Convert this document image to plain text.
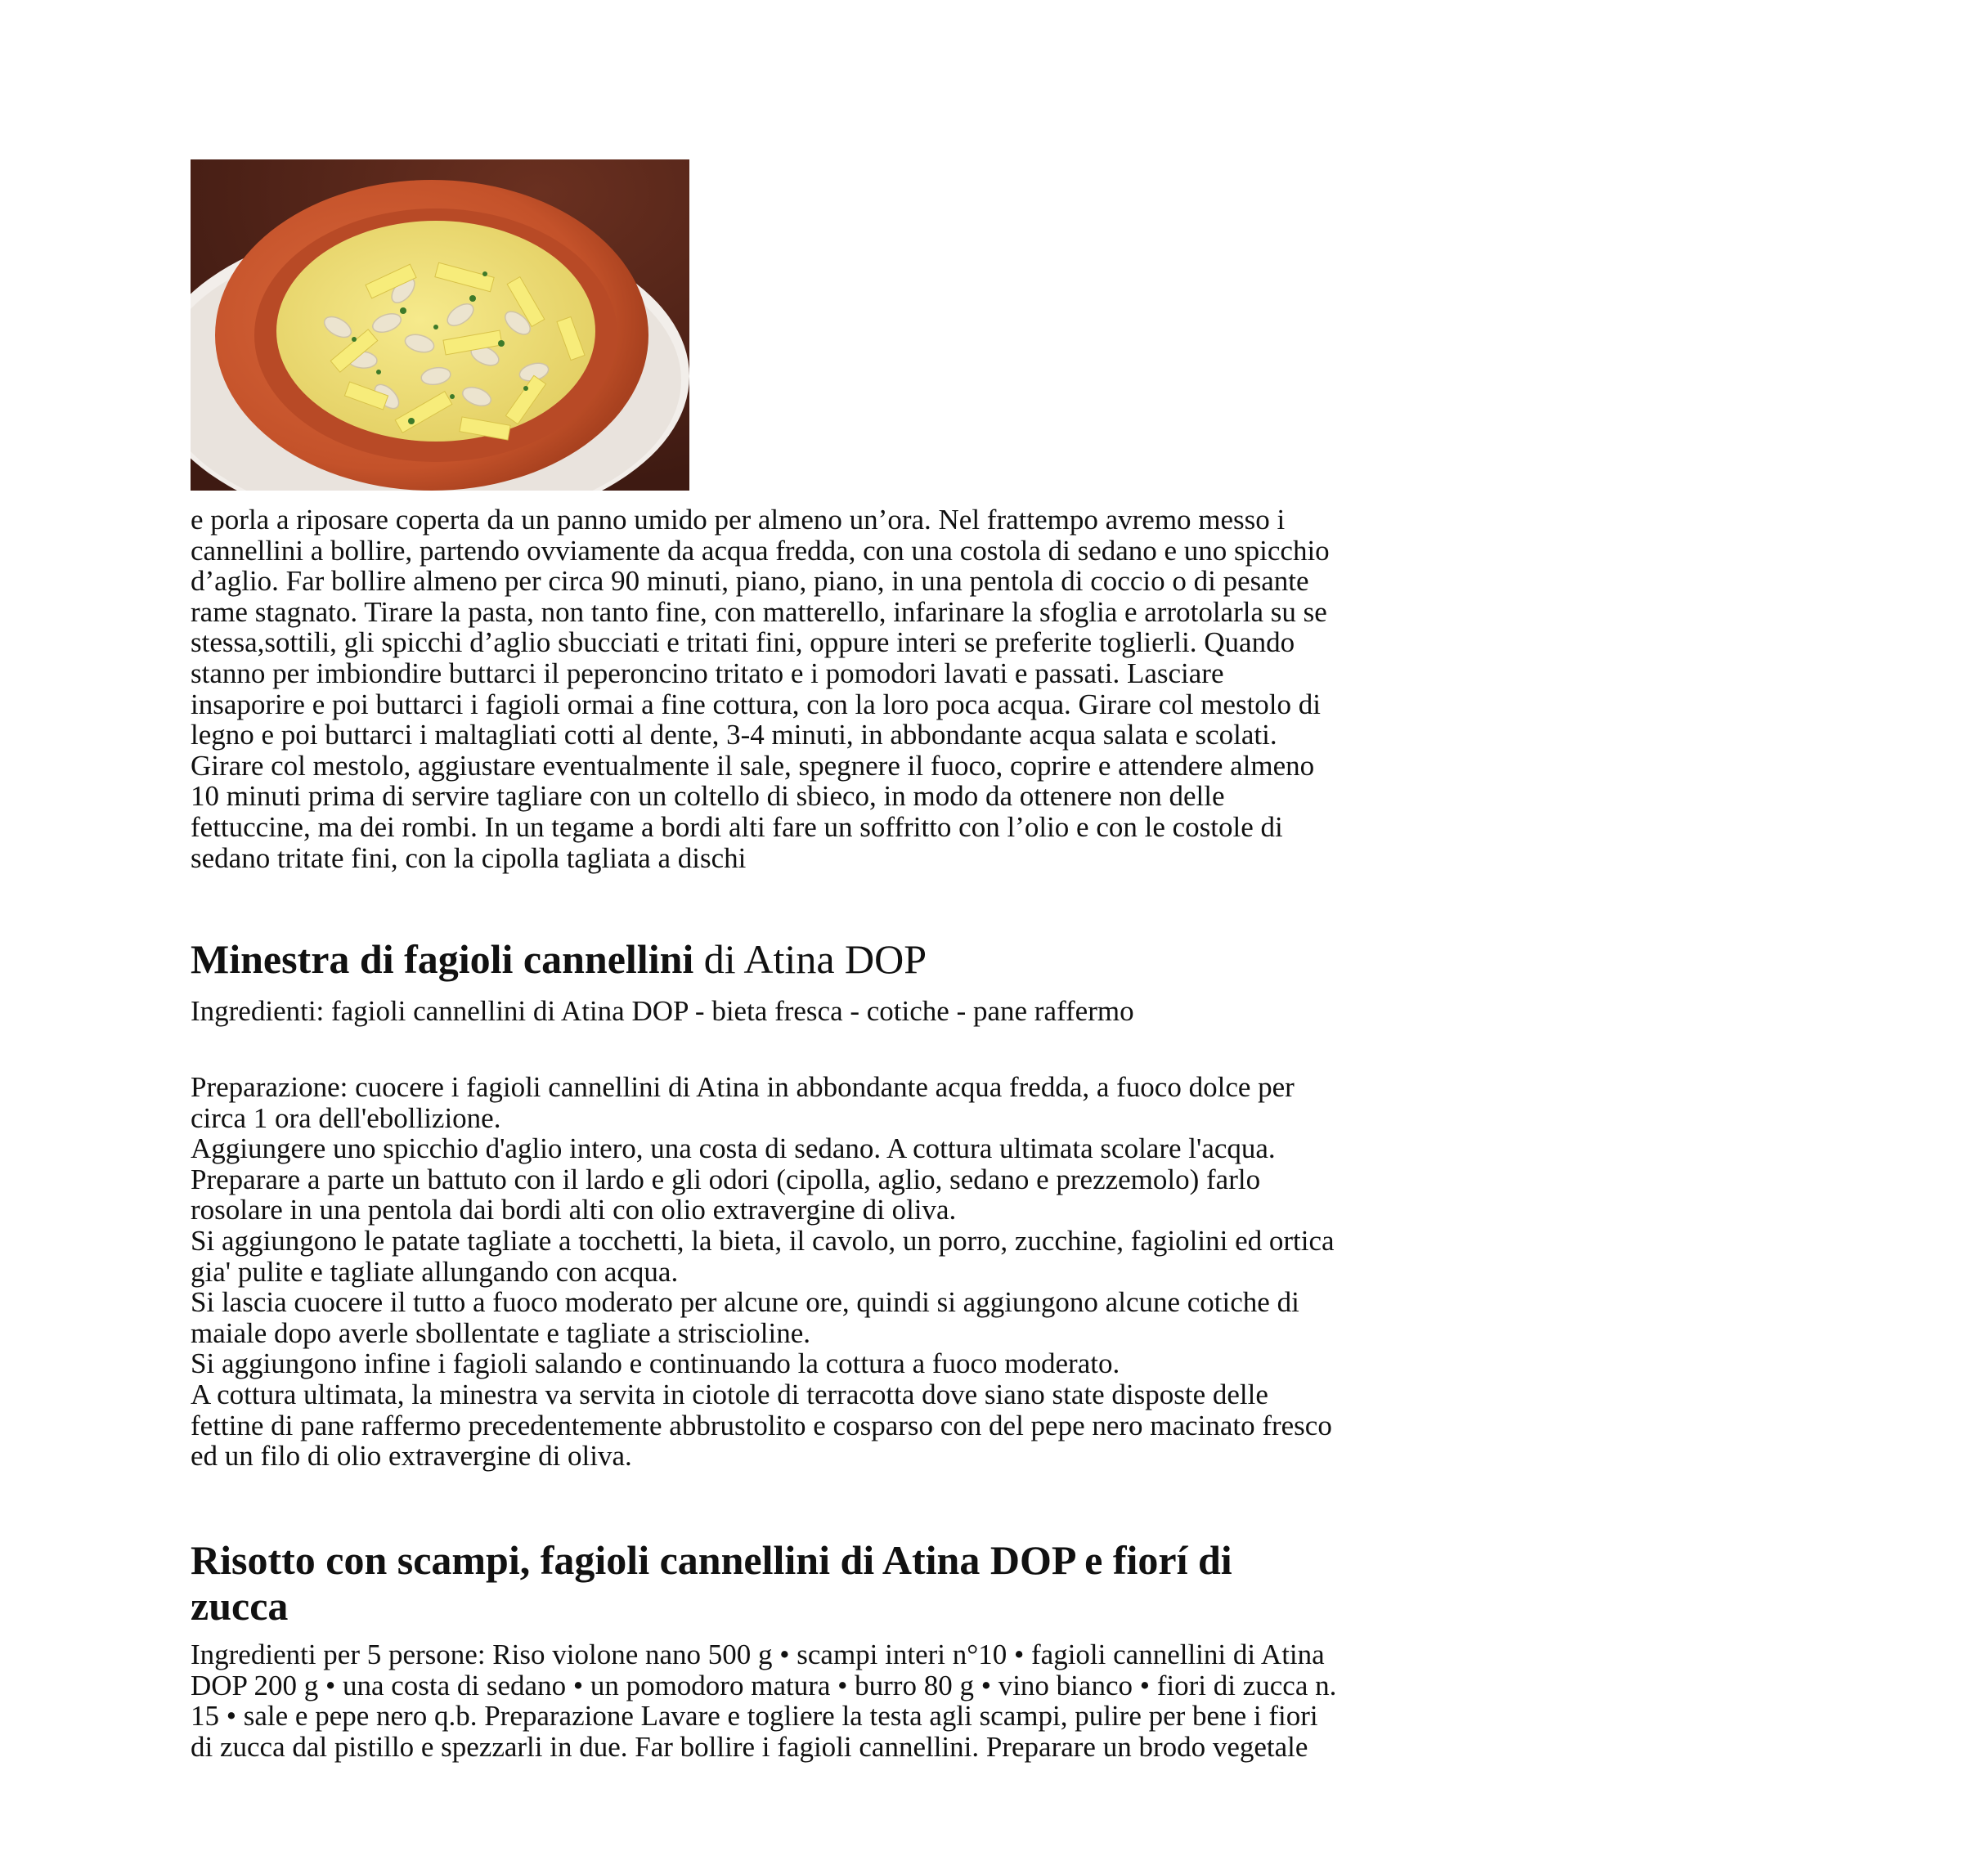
e porla a riposare coperta da un panno umido per almeno un’ora. Nel frattempo avremo messo i
cannellini a bollire, partendo ovviamente da acqua fredda, con una costola di sedano e uno spicchio
d’aglio. Far bollire almeno per circa 90 minuti, piano, piano, in una pentola di coccio o di pesante
rame stagnato. Tirare la pasta, non tanto fine, con matterello, infarinare la sfoglia e arrotolarla su se
stessa,sottili, gli spicchi d’aglio sbucciati e tritati fini, oppure interi se preferite toglierli. Quando
stanno per imbiondire buttarci il peperoncino tritato e i pomodori lavati e passati. Lasciare
insaporire e poi buttarci i fagioli ormai a fine cottura, con la loro poca acqua. Girare col mestolo di
legno e poi buttarci i maltagliati cotti al dente, 3-4 minuti, in abbondante acqua salata e scolati.
Girare col mestolo, aggiustare eventualmente il sale, spegnere il fuoco, coprire e attendere almeno
10 minuti prima di servire tagliare con un coltello di sbieco, in modo da ottenere non delle
fettuccine, ma dei rombi. In un tegame a bordi alti fare un soffritto con l’olio e con le costole di
sedano tritate fini, con la cipolla tagliata a dischi

Minestra di fagioli cannellini di Atina DOP

Ingredienti: fagioli cannellini di Atina DOP - bieta fresca - cotiche - pane raffermo

Preparazione: cuocere i fagioli cannellini di Atina in abbondante acqua fredda, a fuoco dolce per
circa 1 ora dell'ebollizione.
Aggiungere uno spicchio d'aglio intero, una costa di sedano. A cottura ultimata scolare l'acqua.
Preparare a parte un battuto con il lardo e gli odori (cipolla, aglio, sedano e prezzemolo) farlo
rosolare in una pentola dai bordi alti con olio extravergine di oliva.
Si aggiungono le patate tagliate a tocchetti, la bieta, il cavolo, un porro, zucchine, fagiolini ed ortica
gia' pulite e tagliate allungando con acqua.
Si lascia cuocere il tutto a fuoco moderato per alcune ore, quindi si aggiungono alcune cotiche di
maiale dopo averle sbollentate e tagliate a striscioline.
Si aggiungono infine i fagioli salando e continuando la cottura a fuoco moderato.
A cottura ultimata, la minestra va servita in ciotole di terracotta dove siano state disposte delle
fettine di pane raffermo precedentemente abbrustolito e cosparso con del pepe nero macinato fresco
ed un filo di olio extravergine di oliva.

Risotto con scampi, fagioli cannellini di Atina DOP e fiorí di
zucca

Ingredienti per 5 persone: Riso violone nano 500 g • scampi interi n°10 • fagioli cannellini di Atina
DOP 200 g • una costa di sedano • un pomodoro matura • burro 80 g • vino bianco • fiori di zucca n.
15 • sale e pepe nero q.b. Preparazione Lavare e togliere la testa agli scampi, pulire per bene i fiori
di zucca dal pistillo e spezzarli in due. Far bollire i fagioli cannellini. Preparare un brodo vegetale
